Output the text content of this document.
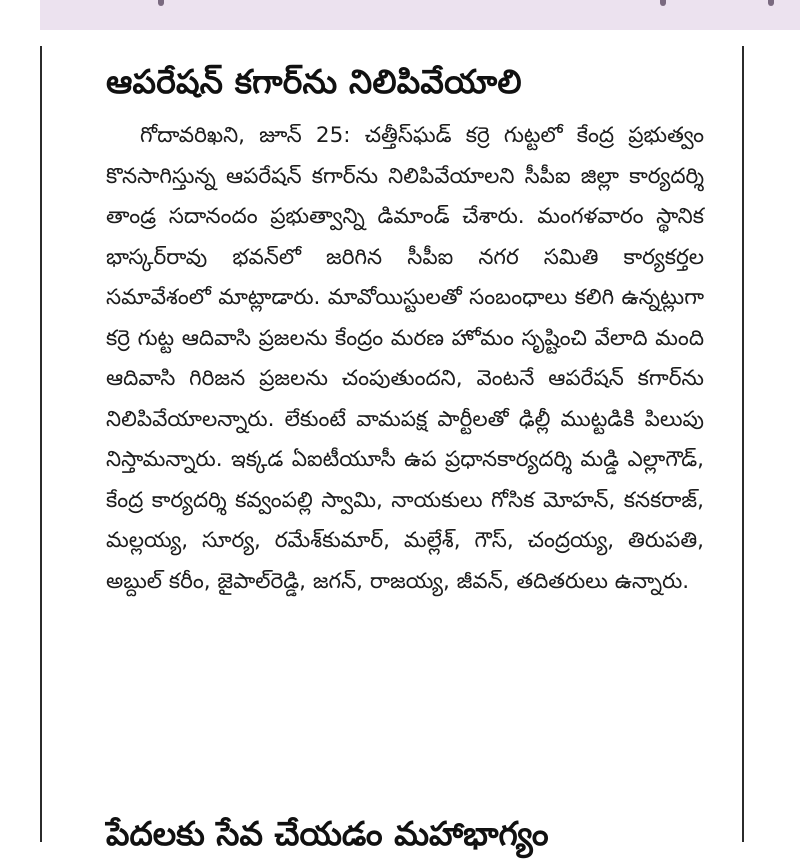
ఆపరేషన్ కగార్‌ను నిలిపివేయాలి

గోదావరిఖని, జూన్ 25: చత్తీస్‌ఘడ్ కర్రె గుట్టలో కేంద్ర ప్రభుత్వం కొనసాగిస్తున్న ఆపరేషన్ కగార్‌ను నిలిపివేయాలని సీపీఐ జిల్లా కార్యదర్శి తాండ్ర సదానందం ప్రభుత్వాన్ని డిమాండ్ చేశారు. మంగళవారం స్థానిక భాస్కర్‌రావు భవన్‌లో జరిగిన సీపీఐ నగర సమితి కార్యకర్తల సమావేశంలో మాట్లాడారు. మావోయిస్టులతో సంబంధాలు కలిగి ఉన్నట్లుగా కర్రె గుట్ట ఆదివాసి ప్రజలను కేంద్రం మరణ హోమం సృష్టించి వేలాది మంది ఆదివాసి గిరిజన ప్రజలను చంపుతుందని, వెంటనే ఆపరేషన్ కగార్‌ను నిలిపివేయాలన్నారు. లేకుంటే వామపక్ష పార్టీలతో ఢిల్లీ ముట్టడికి పిలుపు నిస్తామన్నారు. ఇక్కడ ఏఐటీయూసీ ఉప ప్రధానకార్యదర్శి మడ్డి ఎల్లాగౌడ్, కేంద్ర కార్యదర్శి కవ్వంపల్లి స్వామి, నాయకులు గోసిక మోహన్, కనకరాజ్, మల్లయ్య, సూర్య, రమేశ్‌కుమార్, మల్లేశ్, గౌస్, చంద్రయ్య, తిరుపతి, అబ్దుల్ కరీం, జైపాల్‌రెడ్డి, జగన్, రాజయ్య, జీవన్, తదితరులు ఉన్నారు.

పేదలకు సేవ చేయడం మహాభాగ్యం
